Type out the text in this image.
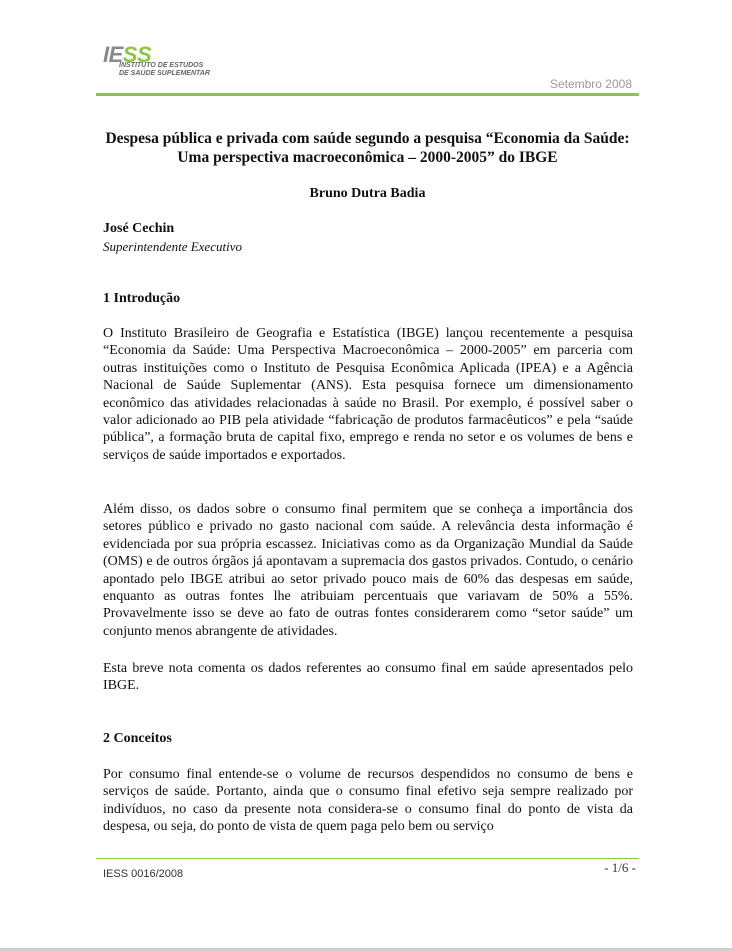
IESS
INSTITUTO DE ESTUDOS
DE SAÚDE SUPLEMENTAR
Setembro 2008
Despesa pública e privada com saúde segundo a pesquisa “Economia da Saúde: Uma perspectiva macroeconômica – 2000-2005” do IBGE
Bruno Dutra Badia
José Cechin
Superintendente Executivo
1 Introdução
O Instituto Brasileiro de Geografia e Estatística (IBGE) lançou recentemente a pesquisa “Economia da Saúde: Uma Perspectiva Macroeconômica – 2000-2005” em parceria com outras instituições como o Instituto de Pesquisa Econômica Aplicada (IPEA) e a Agência Nacional de Saúde Suplementar (ANS). Esta pesquisa fornece um dimensionamento econômico das atividades relacionadas à saúde no Brasil. Por exemplo, é possível saber o valor adicionado ao PIB pela atividade “fabricação de produtos farmacêuticos” e pela “saúde pública”, a formação bruta de capital fixo, emprego e renda no setor e os volumes de bens e serviços de saúde importados e exportados.
Além disso, os dados sobre o consumo final permitem que se conheça a importância dos setores público e privado no gasto nacional com saúde. A relevância desta informação é evidenciada por sua própria escassez. Iniciativas como as da Organização Mundial da Saúde (OMS) e de outros órgãos já apontavam a supremacia dos gastos privados. Contudo, o cenário apontado pelo IBGE atribui ao setor privado pouco mais de 60% das despesas em saúde, enquanto as outras fontes lhe atribuiam percentuais que variavam de 50% a 55%. Provavelmente isso se deve ao fato de outras fontes considerarem como “setor saúde” um conjunto menos abrangente de atividades.
Esta breve nota comenta os dados referentes ao consumo final em saúde apresentados pelo IBGE.
2 Conceitos
Por consumo final entende-se o volume de recursos despendidos no consumo de bens e serviços de saúde. Portanto, ainda que o consumo final efetivo seja sempre realizado por indivíduos, no caso da presente nota considera-se o consumo final do ponto de vista da despesa, ou seja, do ponto de vista de quem paga pelo bem ou serviço
IESS 0016/2008	- 1/6 -
